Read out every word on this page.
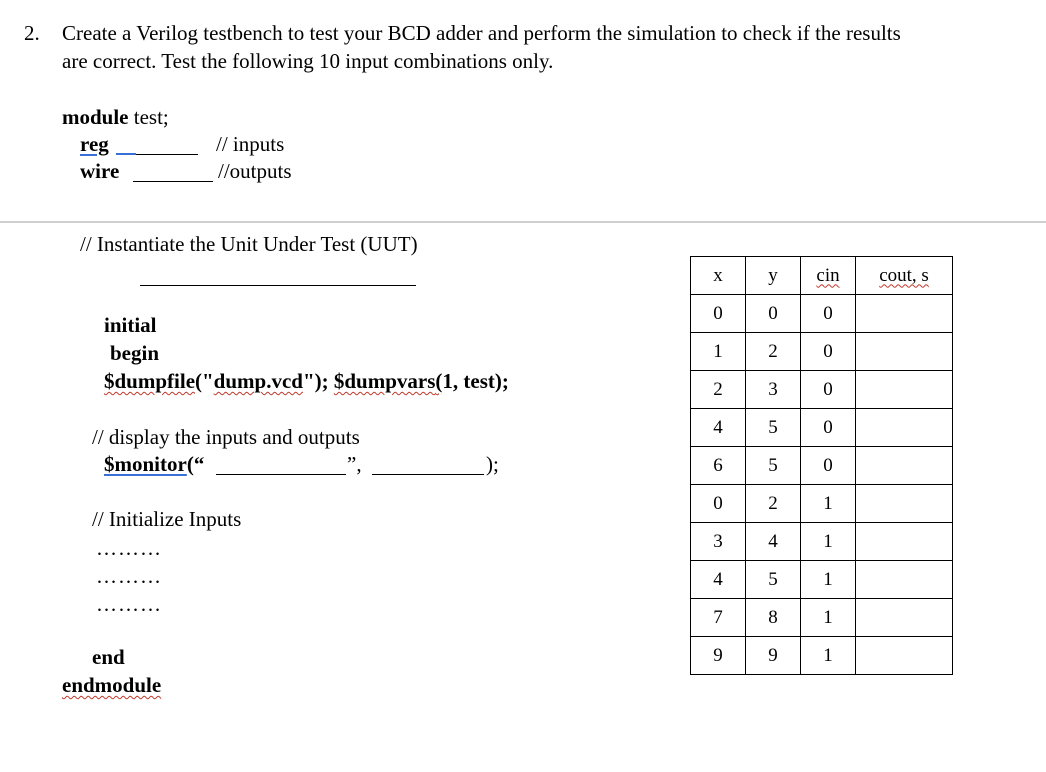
2. Create a Verilog testbench to test your BCD adder and perform the simulation to check if the results
are correct. Test the following 10 input combinations only.
module test;
reg	// inputs
wire	//outputs
// Instantiate the Unit Under Test (UUT)
initial
begin
$dumpfile("dump.vcd"); $dumpvars(1, test);
// display the inputs and outputs
$monitor(“	”,	);
// Initialize Inputs
………
………
………
end
endmodule
x	y	cin	cout, s
0	0	0	
1	2	0	
2	3	0	
4	5	0	
6	5	0	
0	2	1	
3	4	1	
4	5	1	
7	8	1	
9	9	1	
